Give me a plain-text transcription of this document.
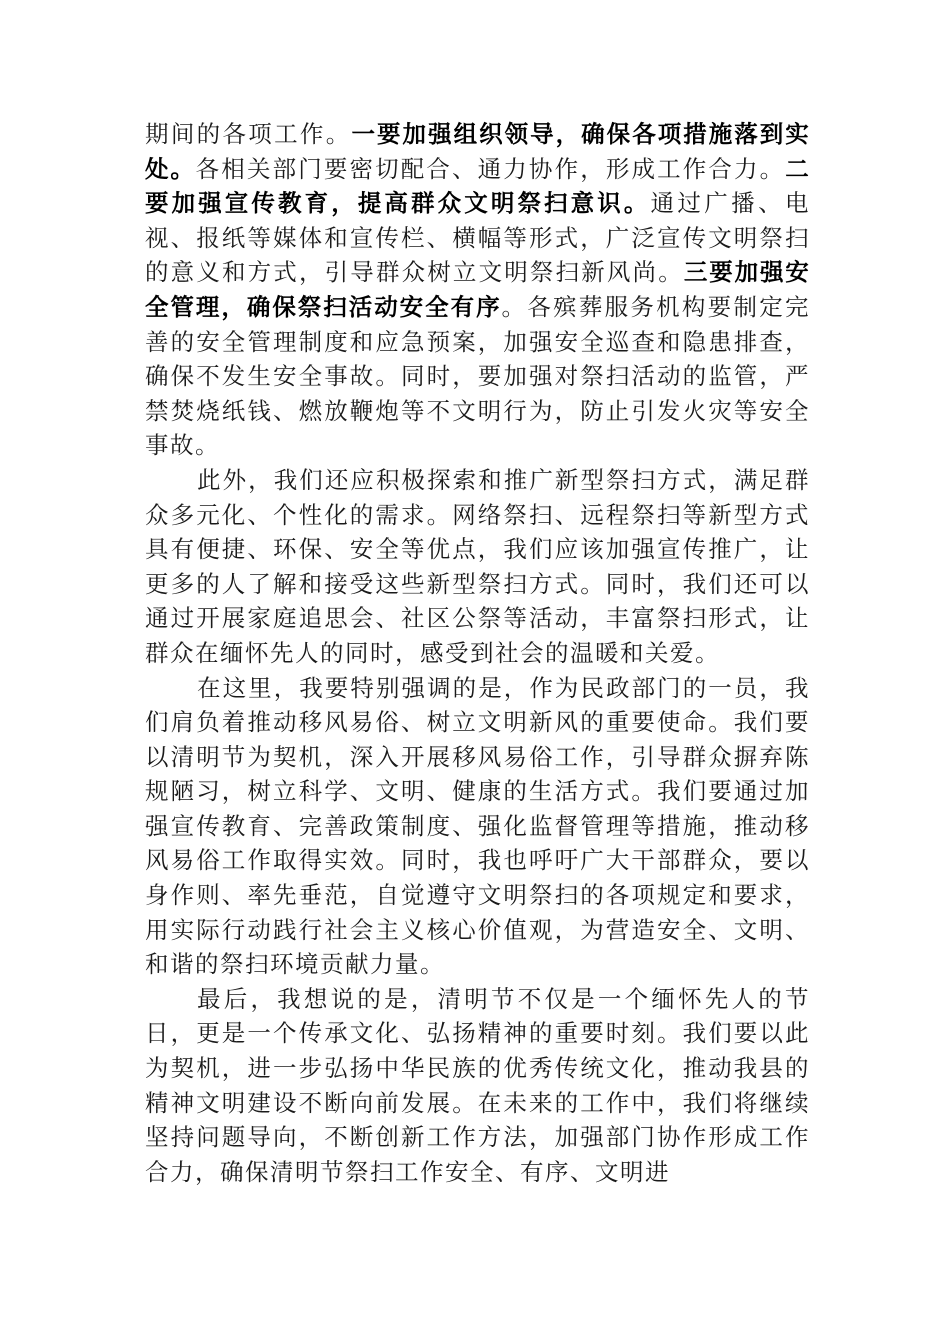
期间的各项工作。一要加强组织领导，确保各项措施落到实处。各相关部门要密切配合、通力协作，形成工作合力。二要加强宣传教育，提高群众文明祭扫意识。通过广播、电视、报纸等媒体和宣传栏、横幅等形式，广泛宣传文明祭扫的意义和方式，引导群众树立文明祭扫新风尚。三要加强安全管理，确保祭扫活动安全有序。各殡葬服务机构要制定完善的安全管理制度和应急预案，加强安全巡查和隐患排查，确保不发生安全事故。同时，要加强对祭扫活动的监管，严禁焚烧纸钱、燃放鞭炮等不文明行为，防止引发火灾等安全事故。

此外，我们还应积极探索和推广新型祭扫方式，满足群众多元化、个性化的需求。网络祭扫、远程祭扫等新型方式具有便捷、环保、安全等优点，我们应该加强宣传推广，让更多的人了解和接受这些新型祭扫方式。同时，我们还可以通过开展家庭追思会、社区公祭等活动，丰富祭扫形式，让群众在缅怀先人的同时，感受到社会的温暖和关爱。

在这里，我要特别强调的是，作为民政部门的一员，我们肩负着推动移风易俗、树立文明新风的重要使命。我们要以清明节为契机，深入开展移风易俗工作，引导群众摒弃陈规陋习，树立科学、文明、健康的生活方式。我们要通过加强宣传教育、完善政策制度、强化监督管理等措施，推动移风易俗工作取得实效。同时，我也呼吁广大干部群众，要以身作则、率先垂范，自觉遵守文明祭扫的各项规定和要求，用实际行动践行社会主义核心价值观，为营造安全、文明、和谐的祭扫环境贡献力量。

最后，我想说的是，清明节不仅是一个缅怀先人的节日，更是一个传承文化、弘扬精神的重要时刻。我们要以此为契机，进一步弘扬中华民族的优秀传统文化，推动我县的精神文明建设不断向前发展。在未来的工作中，我们将继续坚持问题导向，不断创新工作方法，加强部门协作形成工作合力，确保清明节祭扫工作安全、有序、文明进
